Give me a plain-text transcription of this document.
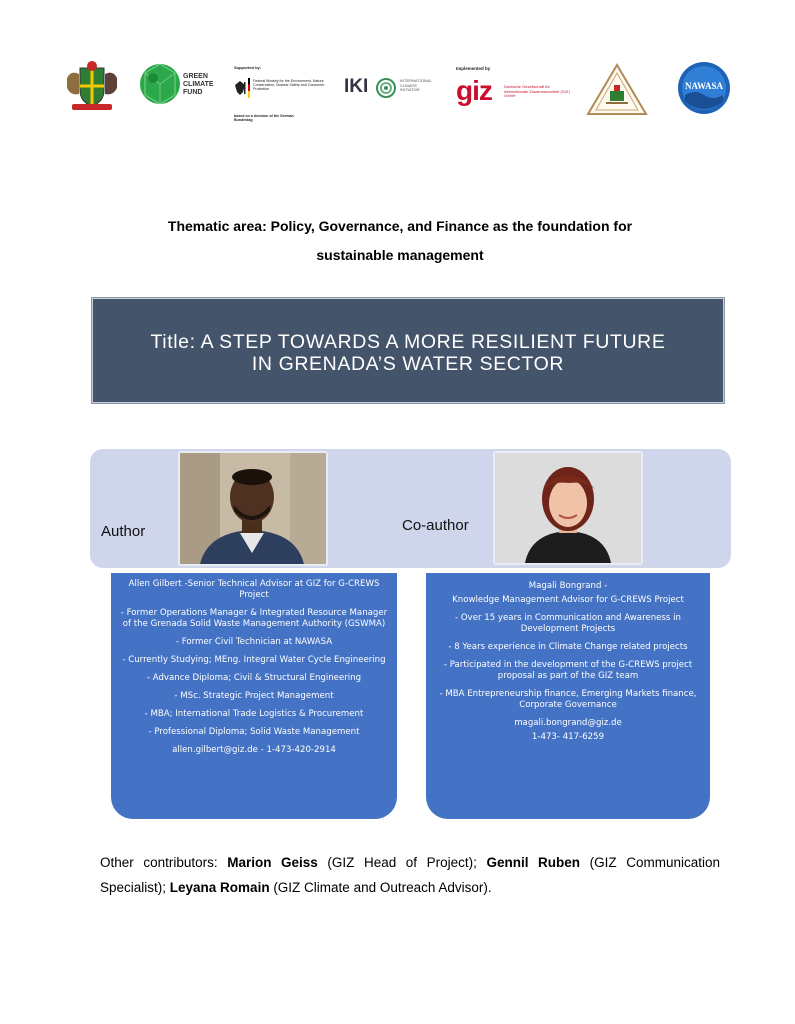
GREEN
CLIMATE
FUND
Supported by:
Federal Ministry for the Environment, Nature Conservation, Nuclear Safety and Consumer Protection
based on a decision of the German Bundestag
IKI	INTERNATIONAL CLIMATE INITIATIVE
Implemented by
giz	Deutsche Gesellschaft für Internationale Zusammenarbeit (GIZ) GmbH
NAWASA
Thematic area: Policy, Governance, and Finance as the foundation for
sustainable management
Title: A STEP TOWARDS A MORE RESILIENT FUTURE
IN GRENADA’S WATER SECTOR
Author	Co-author

Allen Gilbert -Senior Technical Advisor at GIZ for G-CREWS Project

- Former Operations Manager & Integrated Resource Manager of the Grenada Solid Waste Management Authority (GSWMA)

- Former Civil Technician at NAWASA

- Currently Studying; MEng. Integral Water Cycle Engineering

- Advance Diploma; Civil & Structural Engineering

- MSc. Strategic Project Management

- MBA; International Trade Logistics & Procurement

- Professional Diploma; Solid Waste Management

allen.gilbert@giz.de - 1-473-420-2914

Magali Bongrand -

Knowledge Management Advisor for G-CREWS Project

- Over 15 years in Communication and Awareness in Development Projects

- 8 Years experience in Climate Change related projects

- Participated in the development of the G-CREWS project proposal as part of the GIZ team

- MBA Entrepreneurship finance, Emerging Markets finance, Corporate Governance

magali.bongrand@giz.de

1-473- 417-6259

Other contributors: Marion Geiss (GIZ Head of Project); Gennil Ruben (GIZ Communication Specialist); Leyana Romain (GIZ Climate and Outreach Advisor).
